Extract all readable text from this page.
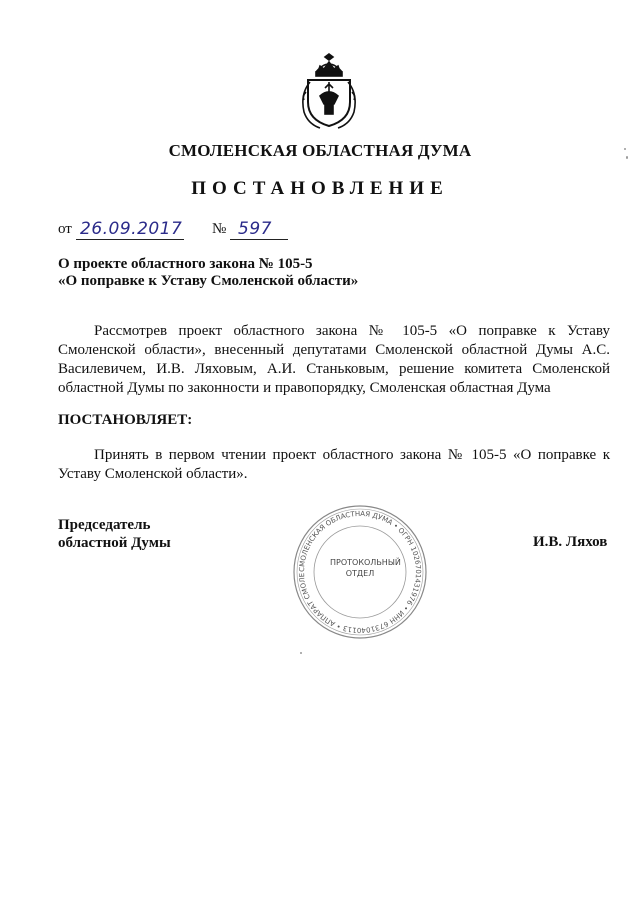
СМОЛЕНСКАЯ ОБЛАСТНАЯ ДУМА
ПОСТАНОВЛЕНИЕ
от 26.09.2017 № 597
О проекте областного закона № 105-5
«О поправке к Уставу Смоленской области»

Рассмотрев проект областного закона № 105-5 «О поправке к Уставу Смоленской области», внесенный депутатами Смоленской областной Думы А.С. Василевичем, И.В. Ляховым, А.И. Станьковым, решение комитета Смоленской областной Думы по законности и правопорядку, Смоленская областная Дума

ПОСТАНОВЛЯЕТ:

Принять в первом чтении проект областного закона № 105-5 «О поправке к Уставу Смоленской области».

Председатель
областной Думы
СМОЛЕНСКАЯ ОБЛАСТНАЯ ДУМА • ОГРН 1026701431976 • ИНН 6731040113 • АППАРАТ СМОЛЕ
ПРОТОКОЛЬНЫЙ
ОТДЕЛ
И.В. Ляхов
